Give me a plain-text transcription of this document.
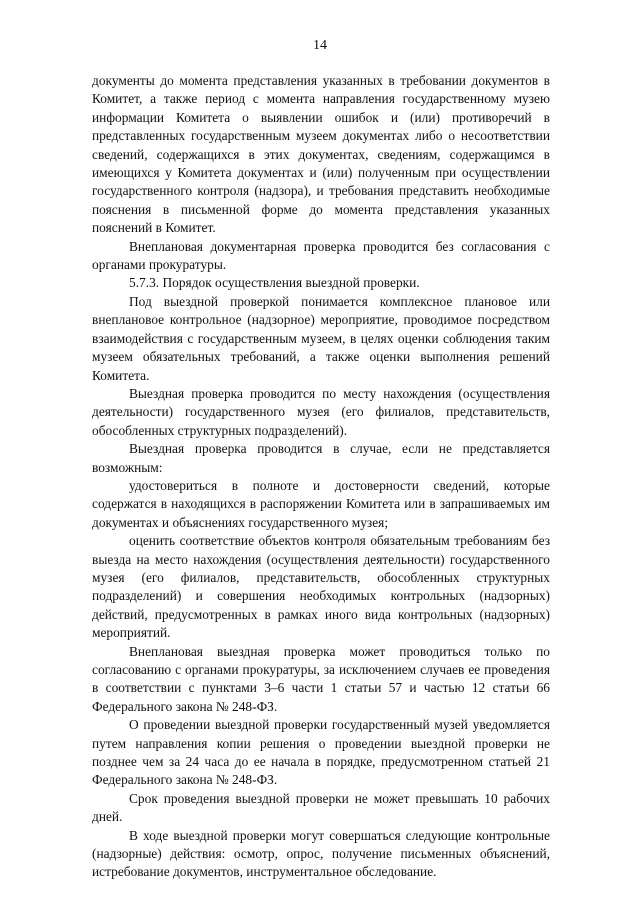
14

документы до момента представления указанных в требовании документов в Комитет, а также период с момента направления государственному музею информации Комитета о выявлении ошибок и (или) противоречий в представленных государственным музеем документах либо о несоответствии сведений, содержащихся в этих документах, сведениям, содержащимся в имеющихся у Комитета документах и (или) полученным при осуществлении государственного контроля (надзора), и требования представить необходимые пояснения в письменной форме до момента представления указанных пояснений в Комитет.

Внеплановая документарная проверка проводится без согласования с органами прокуратуры.

5.7.3. Порядок осуществления выездной проверки.

Под выездной проверкой понимается комплексное плановое или внеплановое контрольное (надзорное) мероприятие, проводимое посредством взаимодействия с государственным музеем, в целях оценки соблюдения таким музеем обязательных требований, а также оценки выполнения решений Комитета.

Выездная проверка проводится по месту нахождения (осуществления деятельности) государственного музея (его филиалов, представительств, обособленных структурных подразделений).

Выездная проверка проводится в случае, если не представляется возможным:

удостовериться в полноте и достоверности сведений, которые содержатся в находящихся в распоряжении Комитета или в запрашиваемых им документах и объяснениях государственного музея;

оценить соответствие объектов контроля обязательным требованиям без выезда на место нахождения (осуществления деятельности) государственного музея (его филиалов, представительств, обособленных структурных подразделений) и совершения необходимых контрольных (надзорных) действий, предусмотренных в рамках иного вида контрольных (надзорных) мероприятий.

Внеплановая выездная проверка может проводиться только по согласованию с органами прокуратуры, за исключением случаев ее проведения в соответствии с пунктами 3–6 части 1 статьи 57 и частью 12 статьи 66 Федерального закона № 248-ФЗ.

О проведении выездной проверки государственный музей уведомляется путем направления копии решения о проведении выездной проверки не позднее чем за 24 часа до ее начала в порядке, предусмотренном статьей 21 Федерального закона № 248-ФЗ.

Срок проведения выездной проверки не может превышать 10 рабочих дней.

В ходе выездной проверки могут совершаться следующие контрольные (надзорные) действия: осмотр, опрос, получение письменных объяснений, истребование документов, инструментальное обследование.
